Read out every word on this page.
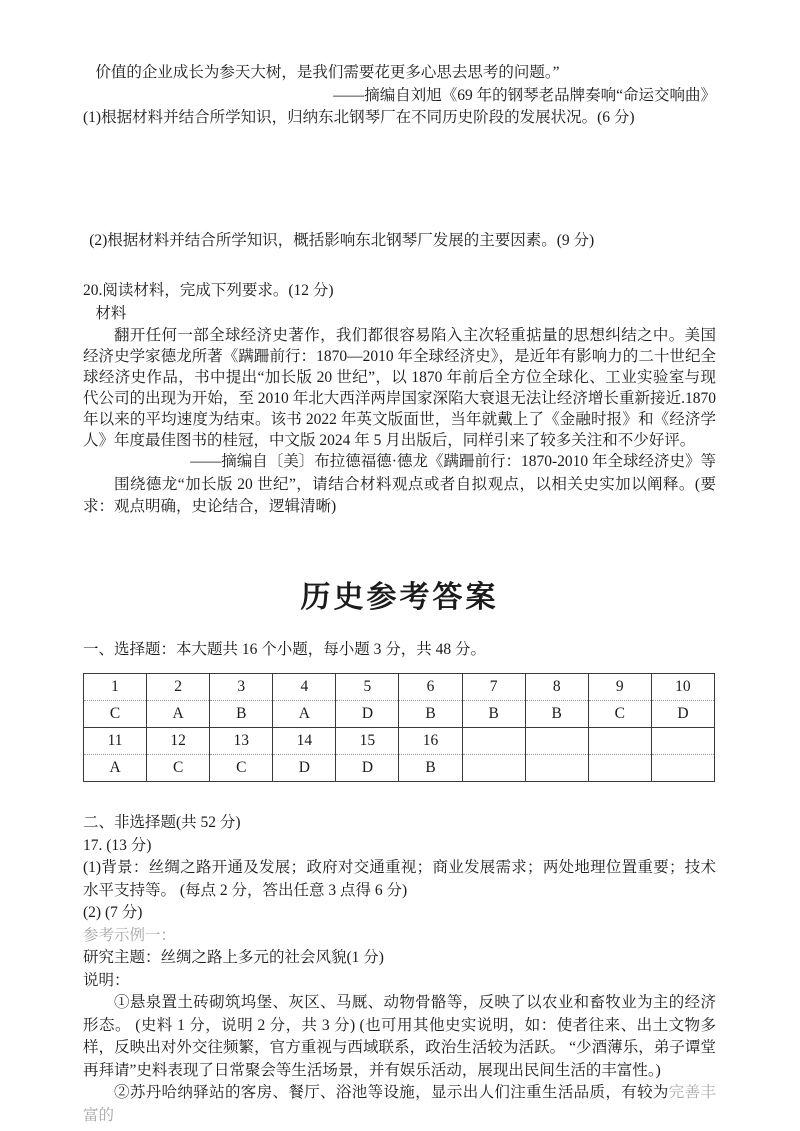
价值的企业成长为参天大树，是我们需要花更多心思去思考的问题。”

——摘编自刘旭《69 年的钢琴老品牌奏响“命运交响曲》

(1)根据材料并结合所学知识，归纳东北钢琴厂在不同历史阶段的发展状况。(6 分)

(2)根据材料并结合所学知识，概括影响东北钢琴厂发展的主要因素。(9 分)

20.阅读材料，完成下列要求。(12 分)

材料

翻开任何一部全球经济史著作，我们都很容易陷入主次轻重掂量的思想纠结之中。美国经济史学家德龙所著《蹒跚前行：1870—2010 年全球经济史》，是近年有影响力的二十世纪全球经济史作品，书中提出“加长版 20 世纪”，以 1870 年前后全方位全球化、工业实验室与现代公司的出现为开始，至 2010 年北大西洋两岸国家深陷大衰退无法让经济增长重新接近.1870 年以来的平均速度为结束。该书 2022 年英文版面世，当年就戴上了《金融时报》和《经济学人》年度最佳图书的桂冠，中文版 2024 年 5 月出版后，同样引来了较多关注和不少好评。

——摘编自〔美〕布拉德福德·德龙《蹒跚前行：1870-2010 年全球经济史》等

围绕德龙“加长版 20 世纪”，请结合材料观点或者自拟观点，以相关史实加以阐释。(要求：观点明确，史论结合，逻辑清晰)

历史参考答案

一、选择题：本大题共 16 个小题，每小题 3 分，共 48 分。

1	2	3	4	5	6	7	8	9	10
C	A	B	A	D	B	B	B	C	D
11	12	13	14	15	16				
A	C	C	D	D	B				

二、非选择题(共 52 分)

17. (13 分)

(1)背景：丝绸之路开通及发展；政府对交通重视；商业发展需求；两处地理位置重要；技术水平支持等。 (每点 2 分，答出任意 3 点得 6 分)

(2) (7 分)

参考示例一：

研究主题：丝绸之路上多元的社会风貌(1 分)

说明：

①悬泉置土砖砌筑坞堡、灰区、马厩、动物骨骼等，反映了以农业和畜牧业为主的经济形态。 (史料 1 分，说明 2 分，共 3 分) (也可用其他史实说明，如：使者往来、出土文物多样，反映出对外交往频繁，官方重视与西域联系，政治生活较为活跃。 “少酒薄乐，弟子谭堂再拜请”史料表现了日常聚会等生活场景，并有娱乐活动，展现出民间生活的丰富性。)

②苏丹哈纳驿站的客房、餐厅、浴池等设施，显示出人们注重生活品质，有较为完善丰富的
